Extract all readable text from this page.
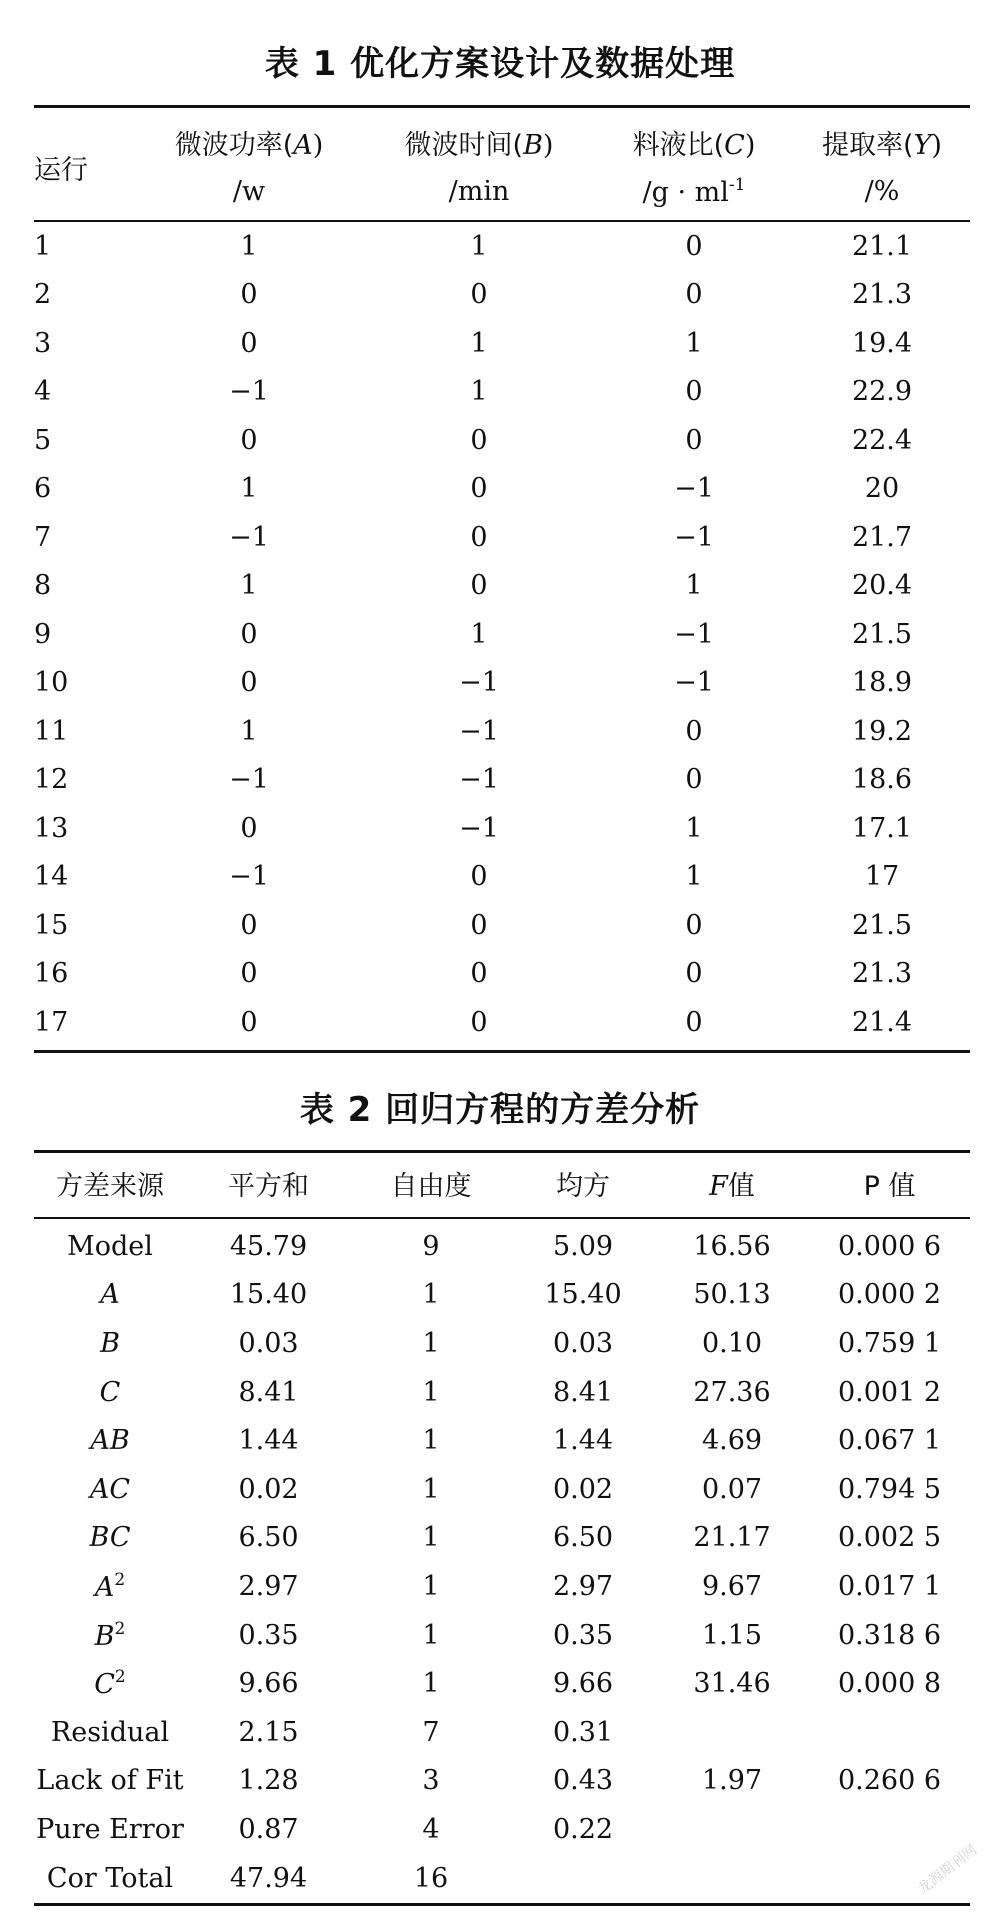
表 1 优化方案设计及数据处理
运行	微波功率(A)	微波时间(B)	料液比(C)	提取率(Y)
	/w	/min	$/g \cdot ml^{-1}$	/%
1	1	1	0	21.1
2	0	0	0	21.3
3	0	1	1	19.4
4	−1	1	0	22.9
5	0	0	0	22.4
6	1	0	−1	20
7	−1	0	−1	21.7
8	1	0	1	20.4
9	0	1	−1	21.5
10	0	−1	−1	18.9
11	1	−1	0	19.2
12	−1	−1	0	18.6
13	0	−1	1	17.1
14	−1	0	1	17
15	0	0	0	21.5
16	0	0	0	21.3
17	0	0	0	21.4
表 2 回归方程的方差分析
方差来源	平方和	自由度	均方	F值	P 值
Model	45.79	9	5.09	16.56	0.000 6
A	15.40	1	15.40	50.13	0.000 2
B	0.03	1	0.03	0.10	0.759 1
C	8.41	1	8.41	27.36	0.001 2
AB	1.44	1	1.44	4.69	0.067 1
AC	0.02	1	0.02	0.07	0.794 5
BC	6.50	1	6.50	21.17	0.002 5
$A^2$	2.97	1	2.97	9.67	0.017 1
$B^2$	0.35	1	0.35	1.15	0.318 6
$C^2$	9.66	1	9.66	31.46	0.000 8
Residual	2.15	7	0.31		
Lack of Fit	1.28	3	0.43	1.97	0.260 6
Pure Error	0.87	4	0.22		
Cor Total	47.94	16				龙源期刊网
